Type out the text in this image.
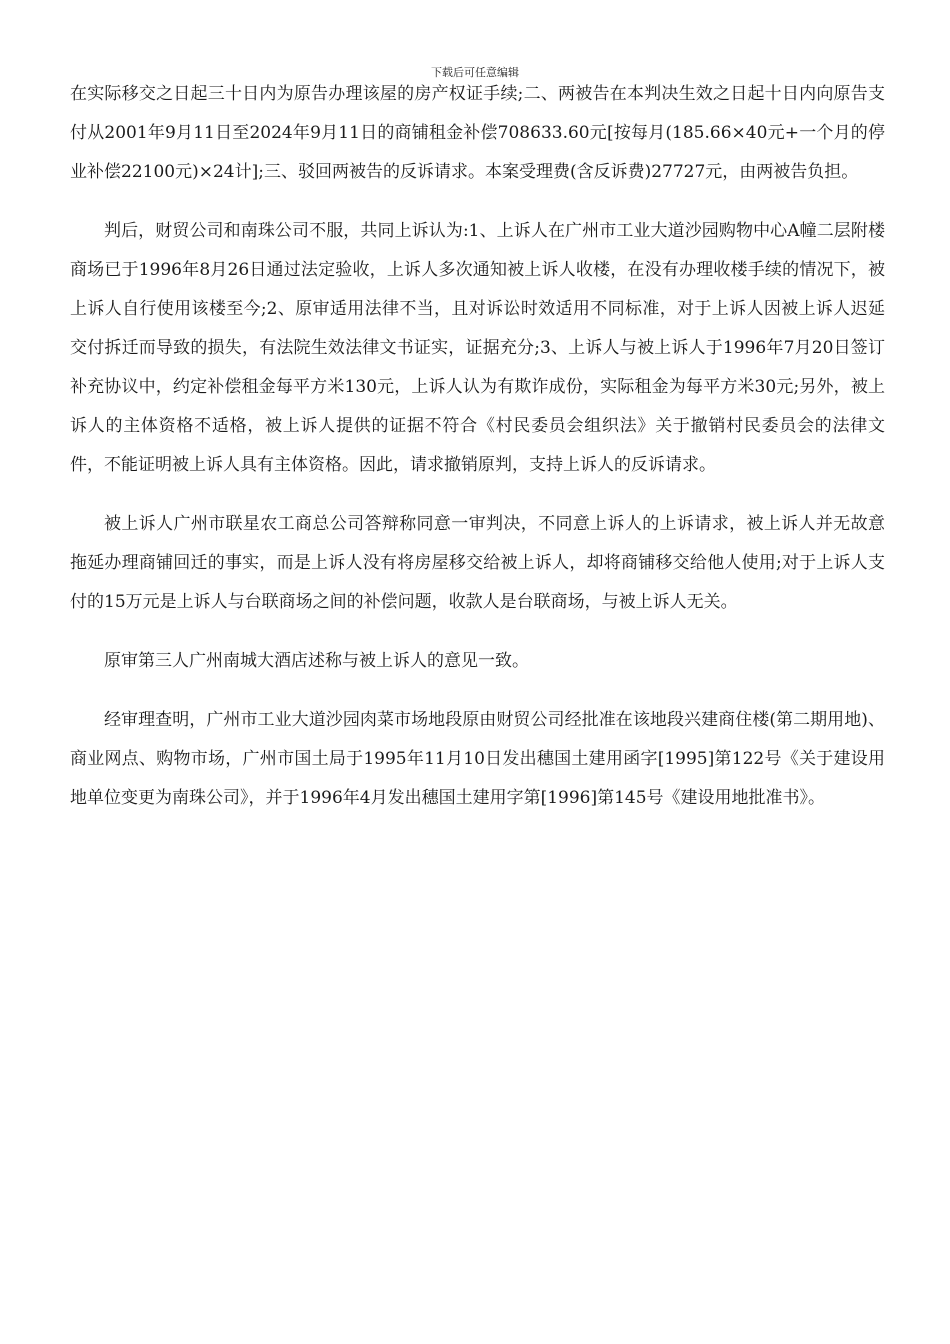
下载后可任意编辑

在实际移交之日起三十日内为原告办理该屋的房产权证手续;二、两被告在本判决生效之日起十日内向原告支付从2001年9月11日至2024年9月11日的商铺租金补偿708633.60元[按每月(185.66×40元+一个月的停业补偿22100元)×24计];三、驳回两被告的反诉请求。本案受理费(含反诉费)27727元，由两被告负担。

判后，财贸公司和南珠公司不服，共同上诉认为:1、上诉人在广州市工业大道沙园购物中心A幢二层附楼商场已于1996年8月26日通过法定验收，上诉人多次通知被上诉人收楼，在没有办理收楼手续的情况下，被上诉人自行使用该楼至今;2、原审适用法律不当，且对诉讼时效适用不同标准，对于上诉人因被上诉人迟延交付拆迁而导致的损失，有法院生效法律文书证实，证据充分;3、上诉人与被上诉人于1996年7月20日签订补充协议中，约定补偿租金每平方米130元，上诉人认为有欺诈成份，实际租金为每平方米30元;另外，被上诉人的主体资格不适格，被上诉人提供的证据不符合《村民委员会组织法》关于撤销村民委员会的法律文件，不能证明被上诉人具有主体资格。因此，请求撤销原判，支持上诉人的反诉请求。

被上诉人广州市联星农工商总公司答辩称同意一审判决，不同意上诉人的上诉请求，被上诉人并无故意拖延办理商铺回迁的事实，而是上诉人没有将房屋移交给被上诉人，却将商铺移交给他人使用;对于上诉人支付的15万元是上诉人与台联商场之间的补偿问题，收款人是台联商场，与被上诉人无关。

原审第三人广州南城大酒店述称与被上诉人的意见一致。

经审理查明，广州市工业大道沙园肉菜市场地段原由财贸公司经批准在该地段兴建商住楼(第二期用地)、商业网点、购物市场，广州市国土局于1995年11月10日发出穗国土建用函字[1995]第122号《关于建设用地单位变更为南珠公司》，并于1996年4月发出穗国土建用字第[1996]第145号《建设用地批准书》。
